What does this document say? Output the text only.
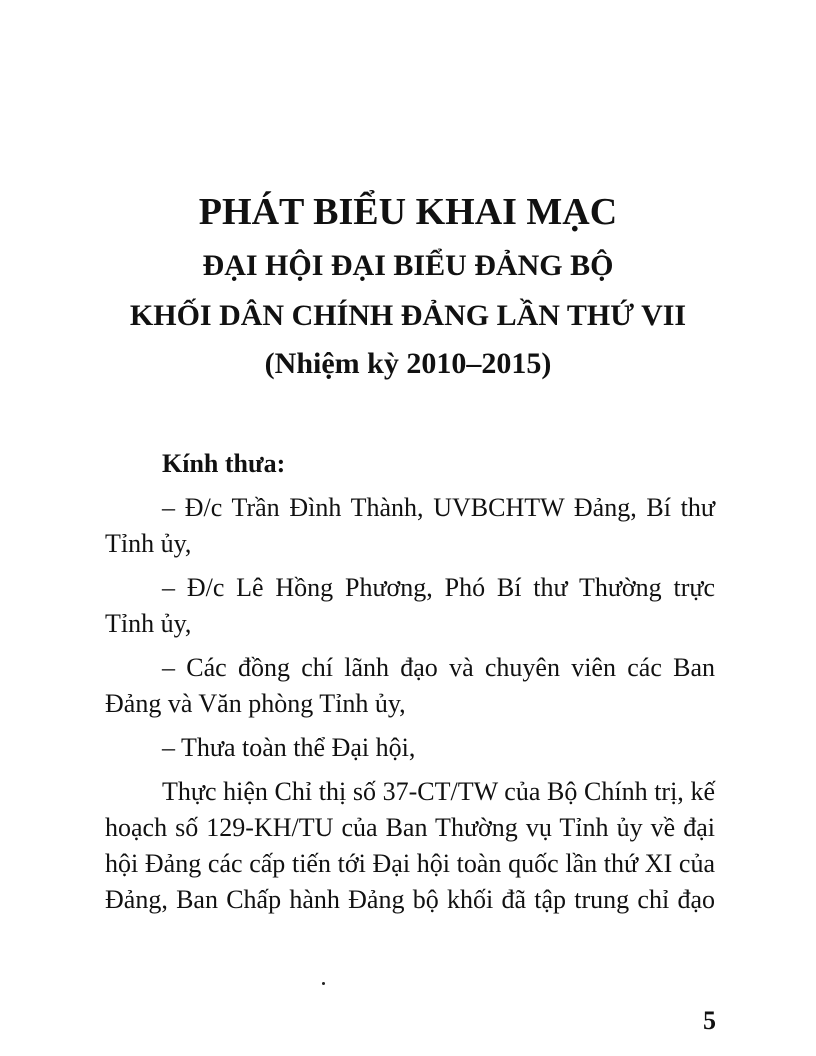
PHÁT BIỂU KHAI MẠC
ĐẠI HỘI ĐẠI BIỂU ĐẢNG BỘ
KHỐI DÂN CHÍNH ĐẢNG LẦN THỨ VII
(Nhiệm kỳ 2010–2015)

Kính thưa:

– Đ/c Trần Đình Thành, UVBCHTW Đảng, Bí thư Tỉnh ủy,

– Đ/c Lê Hồng Phương, Phó Bí thư Thường trực Tỉnh ủy,

– Các đồng chí lãnh đạo và chuyên viên các Ban Đảng và Văn phòng Tỉnh ủy,

– Thưa toàn thể Đại hội,

Thực hiện Chỉ thị số 37-CT/TW của Bộ Chính trị, kế hoạch số 129-KH/TU của Ban Thường vụ Tỉnh ủy về đại hội Đảng các cấp tiến tới Đại hội toàn quốc lần thứ XI của Đảng, Ban Chấp hành Đảng bộ khối đã tập trung chỉ đạo

5
